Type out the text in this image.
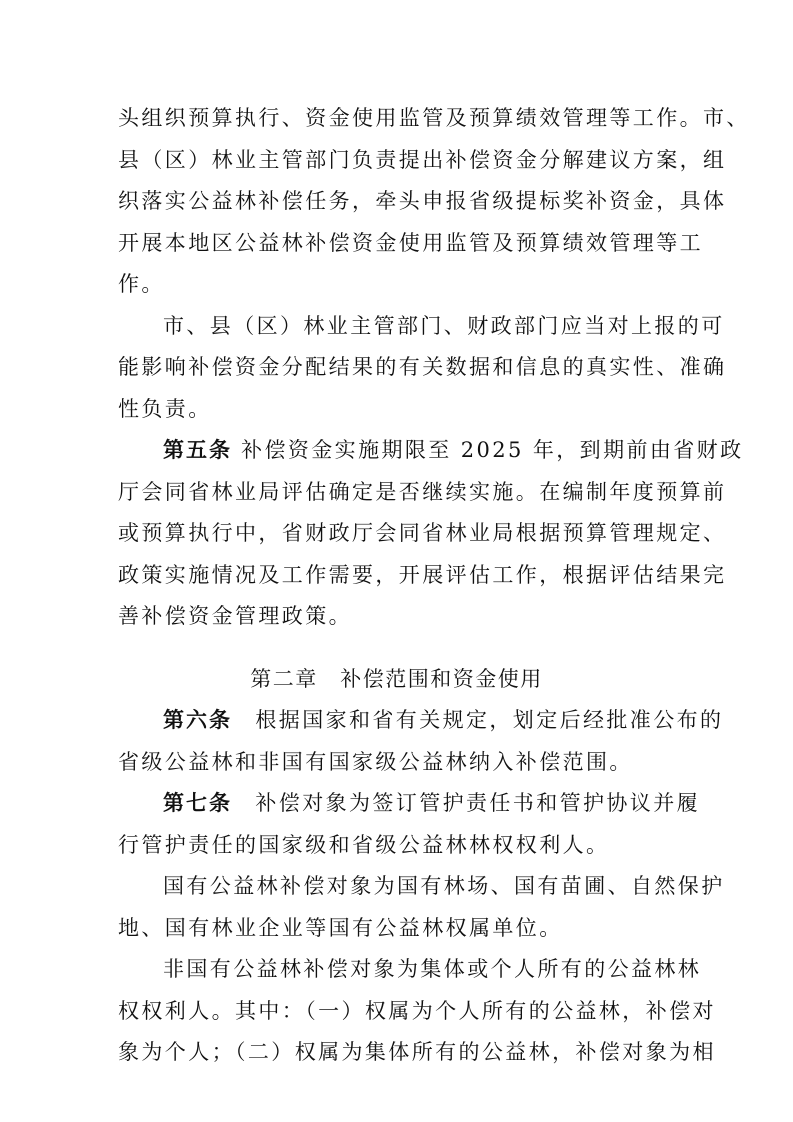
头组织预算执行、资金使用监管及预算绩效管理等工作。市、
县（区）林业主管部门负责提出补偿资金分解建议方案，组
织落实公益林补偿任务，牵头申报省级提标奖补资金，具体
开展本地区公益林补偿资金使用监管及预算绩效管理等工
作。
市、县（区）林业主管部门、财政部门应当对上报的可
能影响补偿资金分配结果的有关数据和信息的真实性、准确
性负责。
第五条 补偿资金实施期限至 2025 年，到期前由省财政
厅会同省林业局评估确定是否继续实施。在编制年度预算前
或预算执行中，省财政厅会同省林业局根据预算管理规定、
政策实施情况及工作需要，开展评估工作，根据评估结果完
善补偿资金管理政策。
第二章　补偿范围和资金使用
第六条　根据国家和省有关规定，划定后经批准公布的
省级公益林和非国有国家级公益林纳入补偿范围。
第七条　补偿对象为签订管护责任书和管护协议并履
行管护责任的国家级和省级公益林林权权利人。
国有公益林补偿对象为国有林场、国有苗圃、自然保护
地、国有林业企业等国有公益林权属单位。
非国有公益林补偿对象为集体或个人所有的公益林林
权权利人。其中：（一）权属为个人所有的公益林，补偿对
象为个人；（二）权属为集体所有的公益林，补偿对象为相
